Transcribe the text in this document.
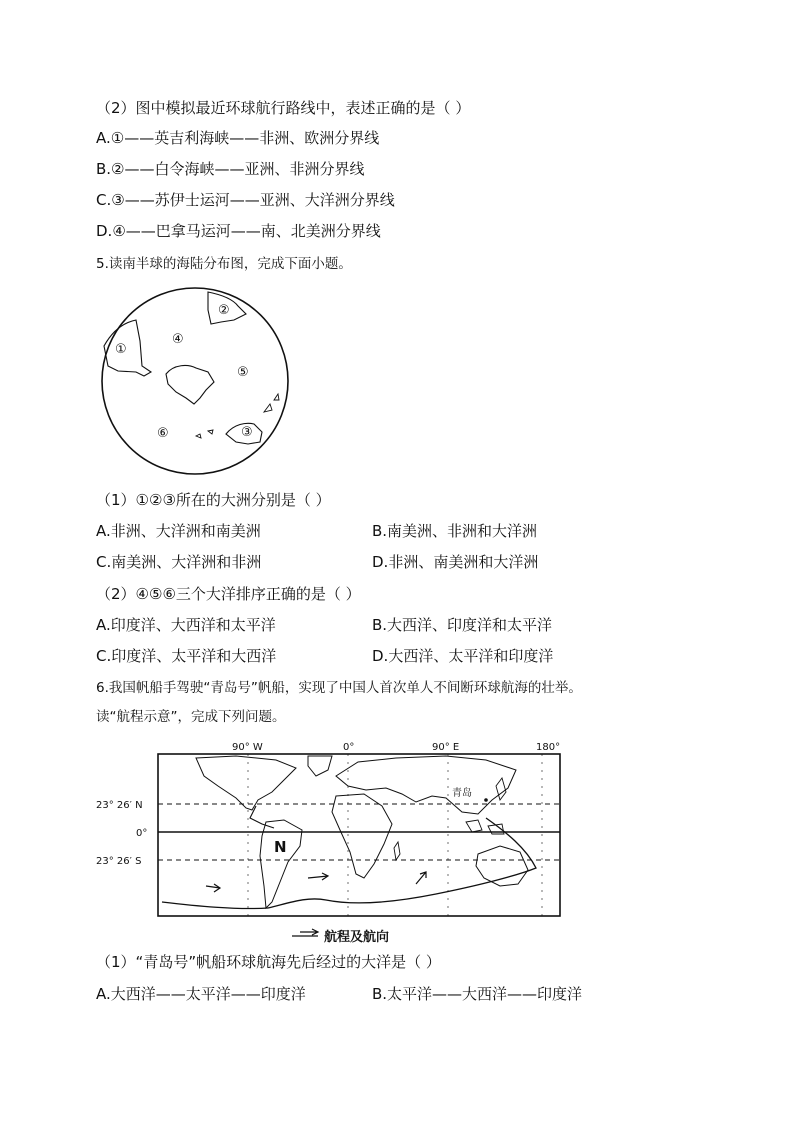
（2）图中模拟最近环球航行路线中，表述正确的是（ ）
A.①——英吉利海峡——非洲、欧洲分界线
B.②——白令海峡——亚洲、非洲分界线
C.③——苏伊士运河——亚洲、大洋洲分界线
D.④——巴拿马运河——南、北美洲分界线
5.读南半球的海陆分布图，完成下面小题。
①
②
③
④
⑤
⑥
（1）①②③所在的大洲分别是（ ）
A.非洲、大洋洲和南美洲	B.南美洲、非洲和大洋洲
C.南美洲、大洋洲和非洲	D.非洲、南美洲和大洋洲
（2）④⑤⑥三个大洋排序正确的是（ ）
A.印度洋、大西洋和太平洋	B.大西洋、印度洋和太平洋
C.印度洋、太平洋和大西洋	D.大西洋、太平洋和印度洋
6.我国帆船手驾驶“青岛号”帆船，实现了中国人首次单人不间断环球航海的壮举。
读“航程示意”，完成下列问题。
90° W	0°	90° E	180°
23° 26′ N
0°
23° 26′ S
N
青岛
航程及航向
（1）“青岛号”帆船环球航海先后经过的大洋是（ ）
A.大西洋——太平洋——印度洋	B.太平洋——大西洋——印度洋
